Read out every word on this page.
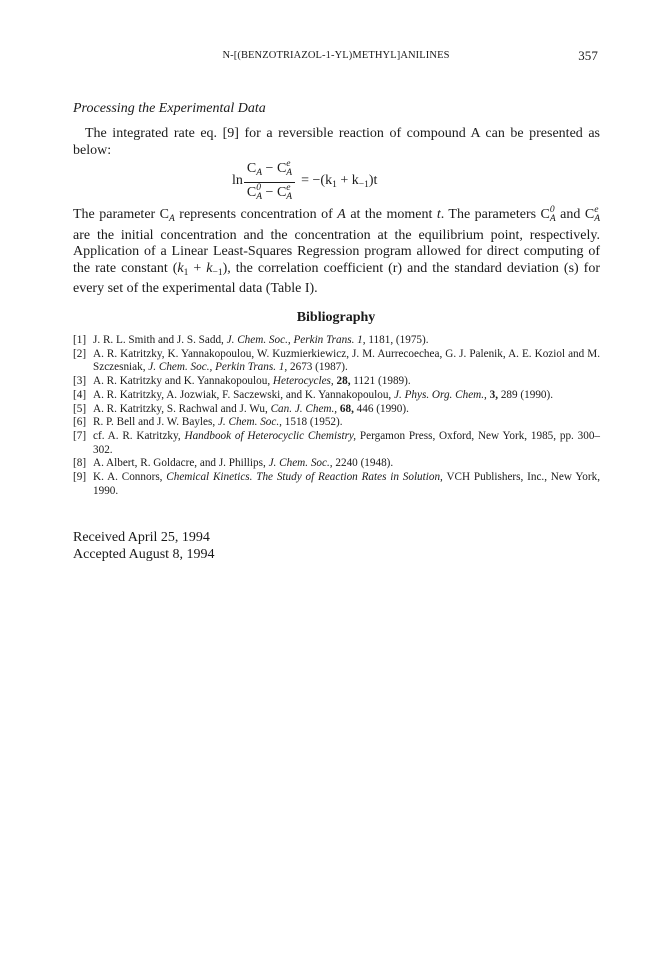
N-[(BENZOTRIAZOL-1-YL)METHYL]ANILINES	357
Processing the Experimental Data
The integrated rate eq. [9] for a reversible reaction of compound A can be presented as below:
$\ln C_A - C$ e
A
C 0
A − C e
$A = -(k_1 + k_{-1})t$
The parameter $C_A$ represents concentration of A at the moment t. The parameters C 0
A and C e
A
are the initial concentration and the concentration at the equilibrium point, respectively. Application of a Linear Least-Squares Regression program allowed for direct computing of the rate constant $(k_1 + k_{-1})$, the correlation coefficient (r) and the standard deviation (s) for every set of the experimental data (Table I).
Bibliography
[1] J. R. L. Smith and J. S. Sadd, J. Chem. Soc., Perkin Trans. 1, 1181, (1975).
[2] A. R. Katritzky, K. Yannakopoulou, W. Kuzmierkiewicz, J. M. Aurrecoechea, G. J. Palenik, A. E. Koziol and M. Szczesniak, J. Chem. Soc., Perkin Trans. 1, 2673 (1987).
[3] A. R. Katritzky and K. Yannakopoulou, Heterocycles, 28, 1121 (1989).
[4] A. R. Katritzky, A. Jozwiak, F. Saczewski, and K. Yannakopoulou, J. Phys. Org. Chem., 3, 289 (1990).
[5] A. R. Katritzky, S. Rachwal and J. Wu, Can. J. Chem., 68, 446 (1990).
[6] R. P. Bell and J. W. Bayles, J. Chem. Soc., 1518 (1952).
[7] cf. A. R. Katritzky, Handbook of Heterocyclic Chemistry, Pergamon Press, Oxford, New York, 1985, pp. 300–302.
[8] A. Albert, R. Goldacre, and J. Phillips, J. Chem. Soc., 2240 (1948).
[9] K. A. Connors, Chemical Kinetics. The Study of Reaction Rates in Solution, VCH Publishers, Inc., New York, 1990.
Received April 25, 1994
Accepted August 8, 1994
